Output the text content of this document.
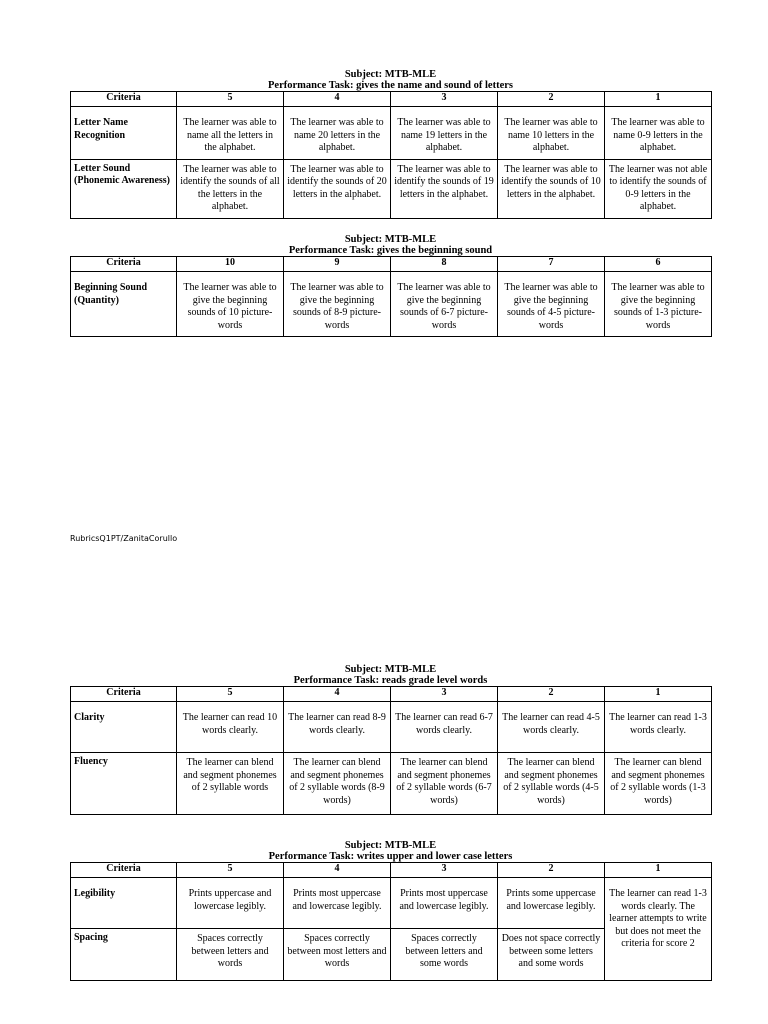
Subject: MTB-MLE
Performance Task: gives the name and sound of letters
Criteria	5	4	3	2	1
Letter Name Recognition	The learner was able to name all the letters in the alphabet.	The learner was able to name 20 letters in the alphabet.	The learner was able to name 19 letters in the alphabet.	The learner was able to name 10 letters in the alphabet.	The learner was able to name 0-9 letters in the alphabet.
Letter Sound (Phonemic Awareness)	The learner was able to identify the sounds of all the letters in the alphabet.	The learner was able to identify the sounds of 20 letters in the alphabet.	The learner was able to identify the sounds of 19 letters in the alphabet.	The learner was able to identify the sounds of 10 letters in the alphabet.	The learner was not able to identify the sounds of 0-9 letters in the alphabet.
Subject: MTB-MLE
Performance Task: gives the beginning sound
Criteria	10	9	8	7	6
Beginning Sound (Quantity)	The learner was able to give the beginning sounds of 10 picture-words	The learner was able to give the beginning sounds of 8-9 picture-words	The learner was able to give the beginning sounds of 6-7 picture-words	The learner was able to give the beginning sounds of 4-5 picture-words	The learner was able to give the beginning sounds of 1-3 picture-words
RubricsQ1PT/ZanitaCorullo
Subject: MTB-MLE
Performance Task: reads grade level words
Criteria	5	4	3	2	1
Clarity	The learner can read 10 words clearly.	The learner can read 8-9 words clearly.	The learner can read 6-7 words clearly.	The learner can read 4-5 words clearly.	The learner can read 1-3 words clearly.
Fluency	The learner can blend and segment phonemes of 2 syllable words	The learner can blend and segment phonemes of 2 syllable words (8-9 words)	The learner can blend and segment phonemes of 2 syllable words (6-7 words)	The learner can blend and segment phonemes of 2 syllable words (4-5 words)	The learner can blend and segment phonemes of 2 syllable words (1-3 words)
Subject: MTB-MLE
Performance Task: writes upper and lower case letters
Criteria	5	4	3	2	1
Legibility	Prints uppercase and lowercase legibly.	Prints most uppercase and lowercase legibly.	Prints most uppercase and lowercase legibly.	Prints some uppercase and lowercase legibly.	The learner can read 1-3 words clearly. The learner attempts to write but does not meet the criteria for score 2
Spacing	Spaces correctly between letters and words	Spaces correctly between most letters and words	Spaces correctly between letters and some words	Does not space correctly between some letters and some words	
